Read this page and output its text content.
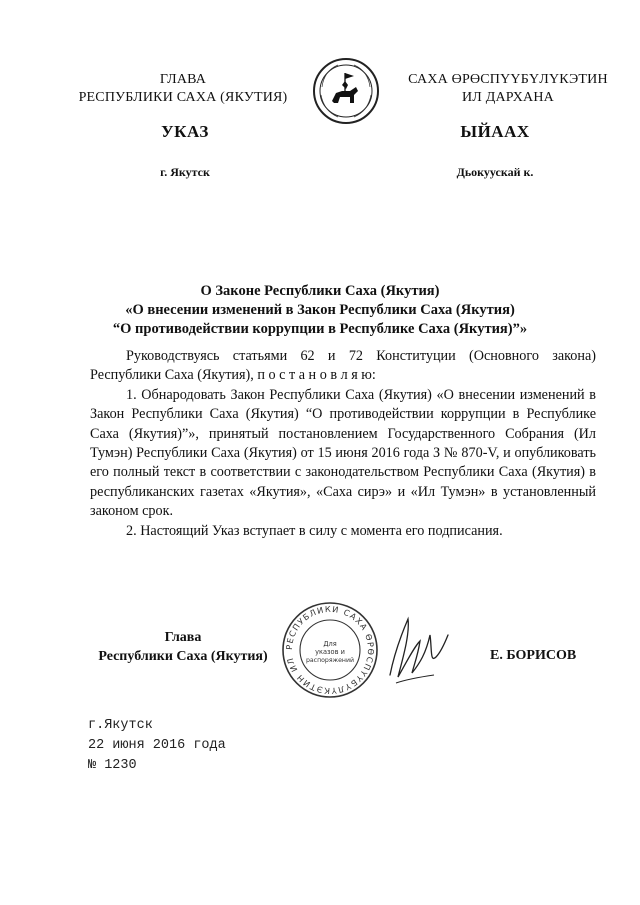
ГЛАВА
РЕСПУБЛИКИ САХА (ЯКУТИЯ)
САХА ӨРӨСПYYБYЛYКЭТИН
ИЛ ДАРХАНА
УКАЗ	ЫЙААХ
г. Якутск	Дьокуускай к.
О Законе Республики Саха (Якутия)
«О внесении изменений в Закон Республики Саха (Якутия)
“О противодействии коррупции в Республике Саха (Якутия)”»

Руководствуясь статьями 62 и 72 Конституции (Основного закона) Республики Саха (Якутия), п о с т а н о в л я ю:

1. Обнародовать Закон Республики Саха (Якутия) «О внесении изменений в Закон Республики Саха (Якутия) “О противодействии коррупции в Республике Саха (Якутия)”», принятый постановлением Государственного Собрания (Ил Тумэн) Республики Саха (Якутия) от 15 июня 2016 года З № 870-V, и опубликовать его полный текст в соответствии с законодательством Республики Саха (Якутия) в республиканских газетах «Якутия», «Саха сирэ» и «Ил Тумэн» в установленный законом срок.

2. Настоящий Указ вступает в силу с момента его подписания.

Глава
Республики Саха (Якутия)
РЕСПУБЛИКИ САХА ӨРӨСПYYБYЛYКЭТИН ИЛ
Для
указов и
распоряжений	Е. БОРИСОВ
г.Якутск
22 июня 2016 года
№ 1230
